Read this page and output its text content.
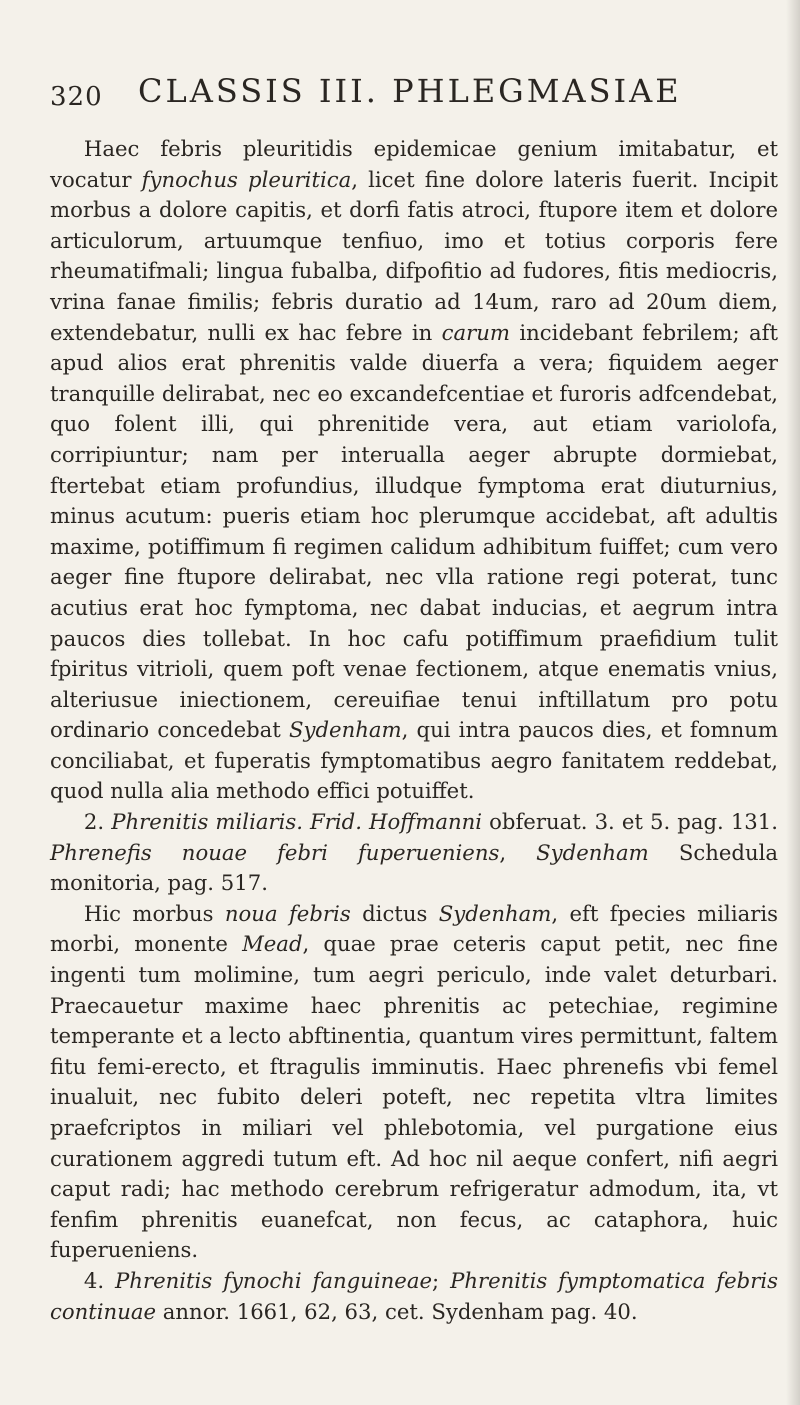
320 CLASSIS III. PHLEGMASIAE

Haec febris pleuritidis epidemicae genium imitabatur, et vocatur fynochus pleuritica, licet fine dolore lateris fuerit. Incipit morbus a dolore capitis, et dorfi fatis atroci, ftupore item et dolore articulorum, artuumque tenfiuo, imo et totius corporis fere rheumatifmali; lingua fubalba, difpofitio ad fudores, fitis mediocris, vrina fanae fimilis; febris duratio ad 14um, raro ad 20um diem, extendebatur, nulli ex hac febre in carum incidebant febrilem; aft apud alios erat phrenitis valde diuerfa a vera; fiquidem aeger tranquille delirabat, nec eo excandefcentiae et furoris adfcendebat, quo folent illi, qui phrenitide vera, aut etiam variolofa, corripiuntur; nam per interualla aeger abrupte dormiebat, ftertebat etiam profundius, illudque fymptoma erat diuturnius, minus acutum: pueris etiam hoc plerumque accidebat, aft adultis maxime, potiffimum fi regimen calidum adhibitum fuiffet; cum vero aeger fine ftupore delirabat, nec vlla ratione regi poterat, tunc acutius erat hoc fymptoma, nec dabat inducias, et aegrum intra paucos dies tollebat. In hoc cafu potiffimum praefidium tulit fpiritus vitrioli, quem poft venae fectionem, atque enematis vnius, alteriusue iniectionem, cereuifiae tenui inftillatum pro potu ordinario concedebat Sydenham, qui intra paucos dies, et fomnum conciliabat, et fuperatis fymptomatibus aegro fanitatem reddebat, quod nulla alia methodo effici potuiffet.

2. Phrenitis miliaris. Frid. Hoffmanni obferuat. 3. et 5. pag. 131. Phrenefis nouae febri fuperueniens, Sydenham Schedula monitoria, pag. 517.

Hic morbus noua febris dictus Sydenham, eft fpecies miliaris morbi, monente Mead, quae prae ceteris caput petit, nec fine ingenti tum molimine, tum aegri periculo, inde valet deturbari. Praecauetur maxime haec phrenitis ac petechiae, regimine temperante et a lecto abftinentia, quantum vires permittunt, faltem fitu femi-erecto, et ftragulis imminutis. Haec phrenefis vbi femel inualuit, nec fubito deleri poteft, nec repetita vltra limites praefcriptos in miliari vel phlebotomia, vel purgatione eius curationem aggredi tutum eft. Ad hoc nil aeque confert, nifi aegri caput radi; hac methodo cerebrum refrigeratur admodum, ita, vt fenfim phrenitis euanefcat, non fecus, ac cataphora, huic fuperueniens.

4. Phrenitis fynochi fanguineae; Phrenitis fymptomatica febris continuae annor. 1661, 62, 63, cet. Sydenham pag. 40.
